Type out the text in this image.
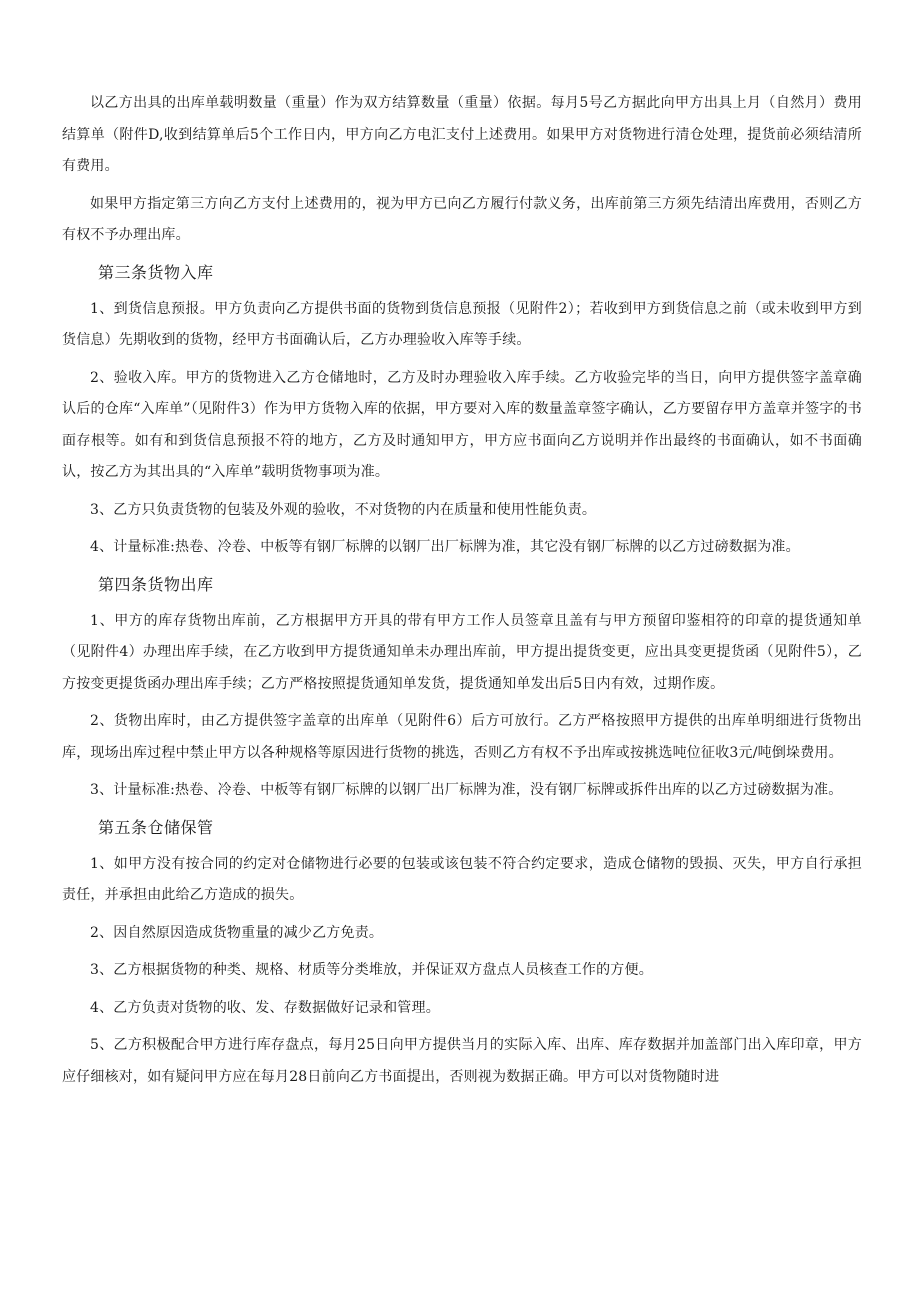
以乙方出具的出库单载明数量（重量）作为双方结算数量（重量）依据。每月5号乙方据此向甲方出具上月（自然月）费用结算单（附件D,收到结算单后5个工作日内，甲方向乙方电汇支付上述费用。如果甲方对货物进行清仓处理，提货前必须结清所有费用。

如果甲方指定第三方向乙方支付上述费用的，视为甲方已向乙方履行付款义务，出库前第三方须先结清出库费用，否则乙方有权不予办理出库。

第三条货物入库

1、到货信息预报。甲方负责向乙方提供书面的货物到货信息预报（见附件2）；若收到甲方到货信息之前（或未收到甲方到货信息）先期收到的货物，经甲方书面确认后，乙方办理验收入库等手续。

2、验收入库。甲方的货物进入乙方仓储地时，乙方及时办理验收入库手续。乙方收验完毕的当日，向甲方提供签字盖章确认后的仓库“入库单”（见附件3）作为甲方货物入库的依据，甲方要对入库的数量盖章签字确认，乙方要留存甲方盖章并签字的书面存根等。如有和到货信息预报不符的地方，乙方及时通知甲方，甲方应书面向乙方说明并作出最终的书面确认，如不书面确认，按乙方为其出具的“入库单”载明货物事项为准。

3、乙方只负责货物的包装及外观的验收，不对货物的内在质量和使用性能负责。

4、计量标准:热卷、冷卷、中板等有钢厂标牌的以钢厂出厂标牌为准，其它没有钢厂标牌的以乙方过磅数据为准。

第四条货物出库

1、甲方的库存货物出库前，乙方根据甲方开具的带有甲方工作人员签章且盖有与甲方预留印鉴相符的印章的提货通知单（见附件4）办理出库手续，在乙方收到甲方提货通知单未办理出库前，甲方提出提货变更，应出具变更提货函（见附件5），乙方按变更提货函办理出库手续；乙方严格按照提货通知单发货，提货通知单发出后5日内有效，过期作废。

2、货物出库时，由乙方提供签字盖章的出库单（见附件6）后方可放行。乙方严格按照甲方提供的出库单明细进行货物出库，现场出库过程中禁止甲方以各种规格等原因进行货物的挑选，否则乙方有权不予出库或按挑选吨位征收3元/吨倒垛费用。

3、计量标准:热卷、冷卷、中板等有钢厂标牌的以钢厂出厂标牌为准，没有钢厂标牌或拆件出库的以乙方过磅数据为准。

第五条仓储保管

1、如甲方没有按合同的约定对仓储物进行必要的包装或该包装不符合约定要求，造成仓储物的毁损、灭失，甲方自行承担责任，并承担由此给乙方造成的损失。

2、因自然原因造成货物重量的减少乙方免责。

3、乙方根据货物的种类、规格、材质等分类堆放，并保证双方盘点人员核查工作的方便。

4、乙方负责对货物的收、发、存数据做好记录和管理。

5、乙方积极配合甲方进行库存盘点，每月25日向甲方提供当月的实际入库、出库、库存数据并加盖部门出入库印章，甲方应仔细核对，如有疑问甲方应在每月28日前向乙方书面提出，否则视为数据正确。甲方可以对货物随时进
